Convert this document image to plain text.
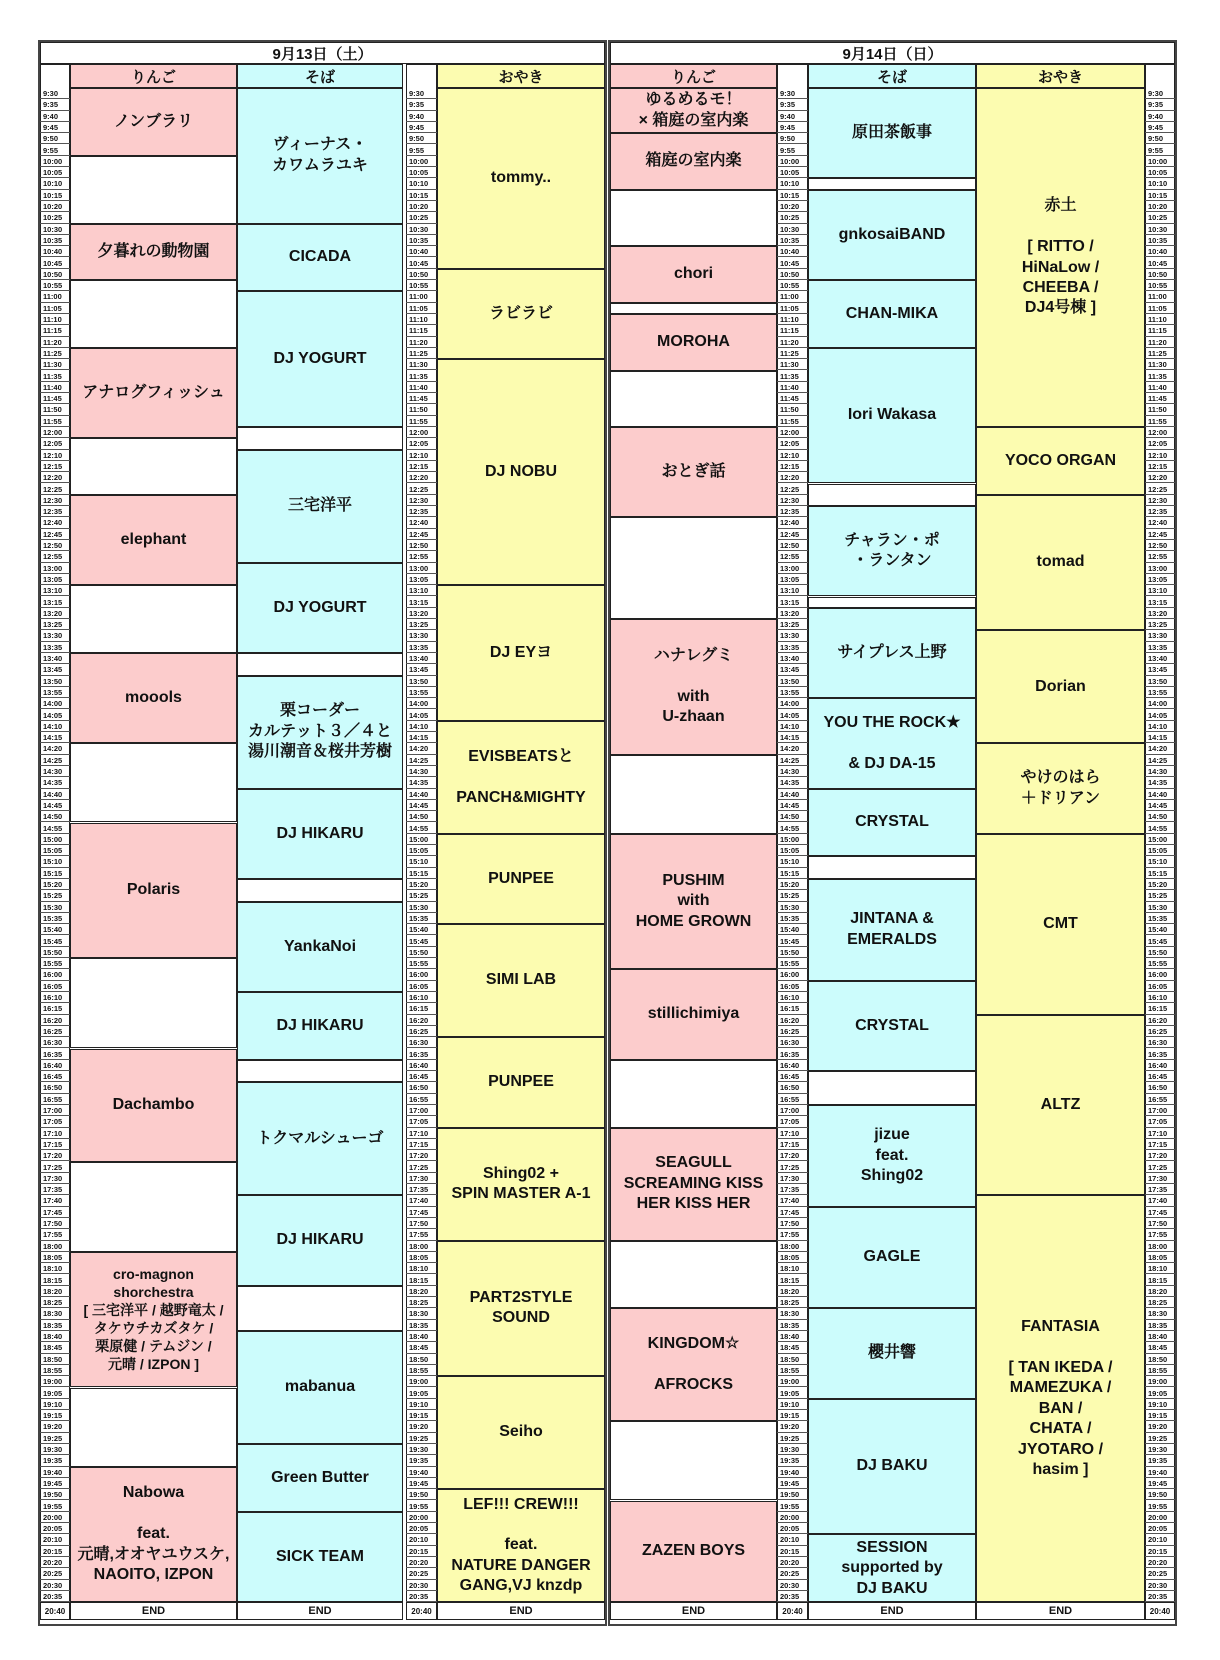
9月13日（土）
りんご
ノンブラリ
夕暮れの動物園
アナログフィッシュ
elephant
moools
Polaris
Dachambo
cro-magnon
shorchestra
[ 三宅洋平 / 越野竜太 /
タケウチカズタケ /
栗原健 / テムジン /
元晴 / IZPON ]
Nabowa

feat.
元晴,オオヤユウスケ,
NAOITO, IZPON
END
そば
ヴィーナス・
カワムラユキ
CICADA
DJ YOGURT
三宅洋平
DJ YOGURT
栗コーダー
カルテット３／４と
湯川潮音＆桜井芳樹
DJ HIKARU
YankaNoi
DJ HIKARU
トクマルシューゴ
DJ HIKARU
mabanua
Green Butter
SICK TEAM
END
おやき
tommy..
ラビラビ
DJ NOBU
DJ EYヨ
EVISBEATSと

PANCH&MIGHTY
PUNPEE
SIMI LAB
PUNPEE
Shing02 +
SPIN MASTER A-1
PART2STYLE
SOUND
Seiho
LEF!!! CREW!!!

feat.
NATURE DANGER
GANG,VJ knzdp
END
9:30
9:35
9:40
9:45
9:50
9:55
10:00
10:05
10:10
10:15
10:20
10:25
10:30
10:35
10:40
10:45
10:50
10:55
11:00
11:05
11:10
11:15
11:20
11:25
11:30
11:35
11:40
11:45
11:50
11:55
12:00
12:05
12:10
12:15
12:20
12:25
12:30
12:35
12:40
12:45
12:50
12:55
13:00
13:05
13:10
13:15
13:20
13:25
13:30
13:35
13:40
13:45
13:50
13:55
14:00
14:05
14:10
14:15
14:20
14:25
14:30
14:35
14:40
14:45
14:50
14:55
15:00
15:05
15:10
15:15
15:20
15:25
15:30
15:35
15:40
15:45
15:50
15:55
16:00
16:05
16:10
16:15
16:20
16:25
16:30
16:35
16:40
16:45
16:50
16:55
17:00
17:05
17:10
17:15
17:20
17:25
17:30
17:35
17:40
17:45
17:50
17:55
18:00
18:05
18:10
18:15
18:20
18:25
18:30
18:35
18:40
18:45
18:50
18:55
19:00
19:05
19:10
19:15
19:20
19:25
19:30
19:35
19:40
19:45
19:50
19:55
20:00
20:05
20:10
20:15
20:20
20:25
20:30
20:35
20:40
9:30
9:35
9:40
9:45
9:50
9:55
10:00
10:05
10:10
10:15
10:20
10:25
10:30
10:35
10:40
10:45
10:50
10:55
11:00
11:05
11:10
11:15
11:20
11:25
11:30
11:35
11:40
11:45
11:50
11:55
12:00
12:05
12:10
12:15
12:20
12:25
12:30
12:35
12:40
12:45
12:50
12:55
13:00
13:05
13:10
13:15
13:20
13:25
13:30
13:35
13:40
13:45
13:50
13:55
14:00
14:05
14:10
14:15
14:20
14:25
14:30
14:35
14:40
14:45
14:50
14:55
15:00
15:05
15:10
15:15
15:20
15:25
15:30
15:35
15:40
15:45
15:50
15:55
16:00
16:05
16:10
16:15
16:20
16:25
16:30
16:35
16:40
16:45
16:50
16:55
17:00
17:05
17:10
17:15
17:20
17:25
17:30
17:35
17:40
17:45
17:50
17:55
18:00
18:05
18:10
18:15
18:20
18:25
18:30
18:35
18:40
18:45
18:50
18:55
19:00
19:05
19:10
19:15
19:20
19:25
19:30
19:35
19:40
19:45
19:50
19:55
20:00
20:05
20:10
20:15
20:20
20:25
20:30
20:35
20:40
9月14日（日）
りんご
ゆるめるモ！
× 箱庭の室内楽
箱庭の室内楽
chori
MOROHA
おとぎ話
ハナレグミ

with
U-zhaan
PUSHIM
with
HOME GROWN
stillichimiya
SEAGULL
SCREAMING KISS
HER KISS HER
KINGDOM☆

AFROCKS
ZAZEN BOYS
END
そば
原田茶飯事
gnkosaiBAND
CHAN-MIKA
Iori Wakasa
チャラン・ポ
・ランタン
サイプレス上野
YOU THE ROCK★

& DJ DA-15
CRYSTAL
JINTANA &
EMERALDS
CRYSTAL
jizue
feat.
Shing02
GAGLE
櫻井響
DJ BAKU
SESSION
supported by
DJ BAKU
END
おやき
赤土

[ RITTO /
HiNaLow /
CHEEBA /
DJ4号棟 ]
YOCO ORGAN
tomad
Dorian
やけのはら
＋ドリアン
CMT
ALTZ
FANTASIA

[ TAN IKEDA /
MAMEZUKA /
BAN /
CHATA /
JYOTARO /
hasim ]
END
9:30
9:35
9:40
9:45
9:50
9:55
10:00
10:05
10:10
10:15
10:20
10:25
10:30
10:35
10:40
10:45
10:50
10:55
11:00
11:05
11:10
11:15
11:20
11:25
11:30
11:35
11:40
11:45
11:50
11:55
12:00
12:05
12:10
12:15
12:20
12:25
12:30
12:35
12:40
12:45
12:50
12:55
13:00
13:05
13:10
13:15
13:20
13:25
13:30
13:35
13:40
13:45
13:50
13:55
14:00
14:05
14:10
14:15
14:20
14:25
14:30
14:35
14:40
14:45
14:50
14:55
15:00
15:05
15:10
15:15
15:20
15:25
15:30
15:35
15:40
15:45
15:50
15:55
16:00
16:05
16:10
16:15
16:20
16:25
16:30
16:35
16:40
16:45
16:50
16:55
17:00
17:05
17:10
17:15
17:20
17:25
17:30
17:35
17:40
17:45
17:50
17:55
18:00
18:05
18:10
18:15
18:20
18:25
18:30
18:35
18:40
18:45
18:50
18:55
19:00
19:05
19:10
19:15
19:20
19:25
19:30
19:35
19:40
19:45
19:50
19:55
20:00
20:05
20:10
20:15
20:20
20:25
20:30
20:35
20:40
9:30
9:35
9:40
9:45
9:50
9:55
10:00
10:05
10:10
10:15
10:20
10:25
10:30
10:35
10:40
10:45
10:50
10:55
11:00
11:05
11:10
11:15
11:20
11:25
11:30
11:35
11:40
11:45
11:50
11:55
12:00
12:05
12:10
12:15
12:20
12:25
12:30
12:35
12:40
12:45
12:50
12:55
13:00
13:05
13:10
13:15
13:20
13:25
13:30
13:35
13:40
13:45
13:50
13:55
14:00
14:05
14:10
14:15
14:20
14:25
14:30
14:35
14:40
14:45
14:50
14:55
15:00
15:05
15:10
15:15
15:20
15:25
15:30
15:35
15:40
15:45
15:50
15:55
16:00
16:05
16:10
16:15
16:20
16:25
16:30
16:35
16:40
16:45
16:50
16:55
17:00
17:05
17:10
17:15
17:20
17:25
17:30
17:35
17:40
17:45
17:50
17:55
18:00
18:05
18:10
18:15
18:20
18:25
18:30
18:35
18:40
18:45
18:50
18:55
19:00
19:05
19:10
19:15
19:20
19:25
19:30
19:35
19:40
19:45
19:50
19:55
20:00
20:05
20:10
20:15
20:20
20:25
20:30
20:35
20:40
